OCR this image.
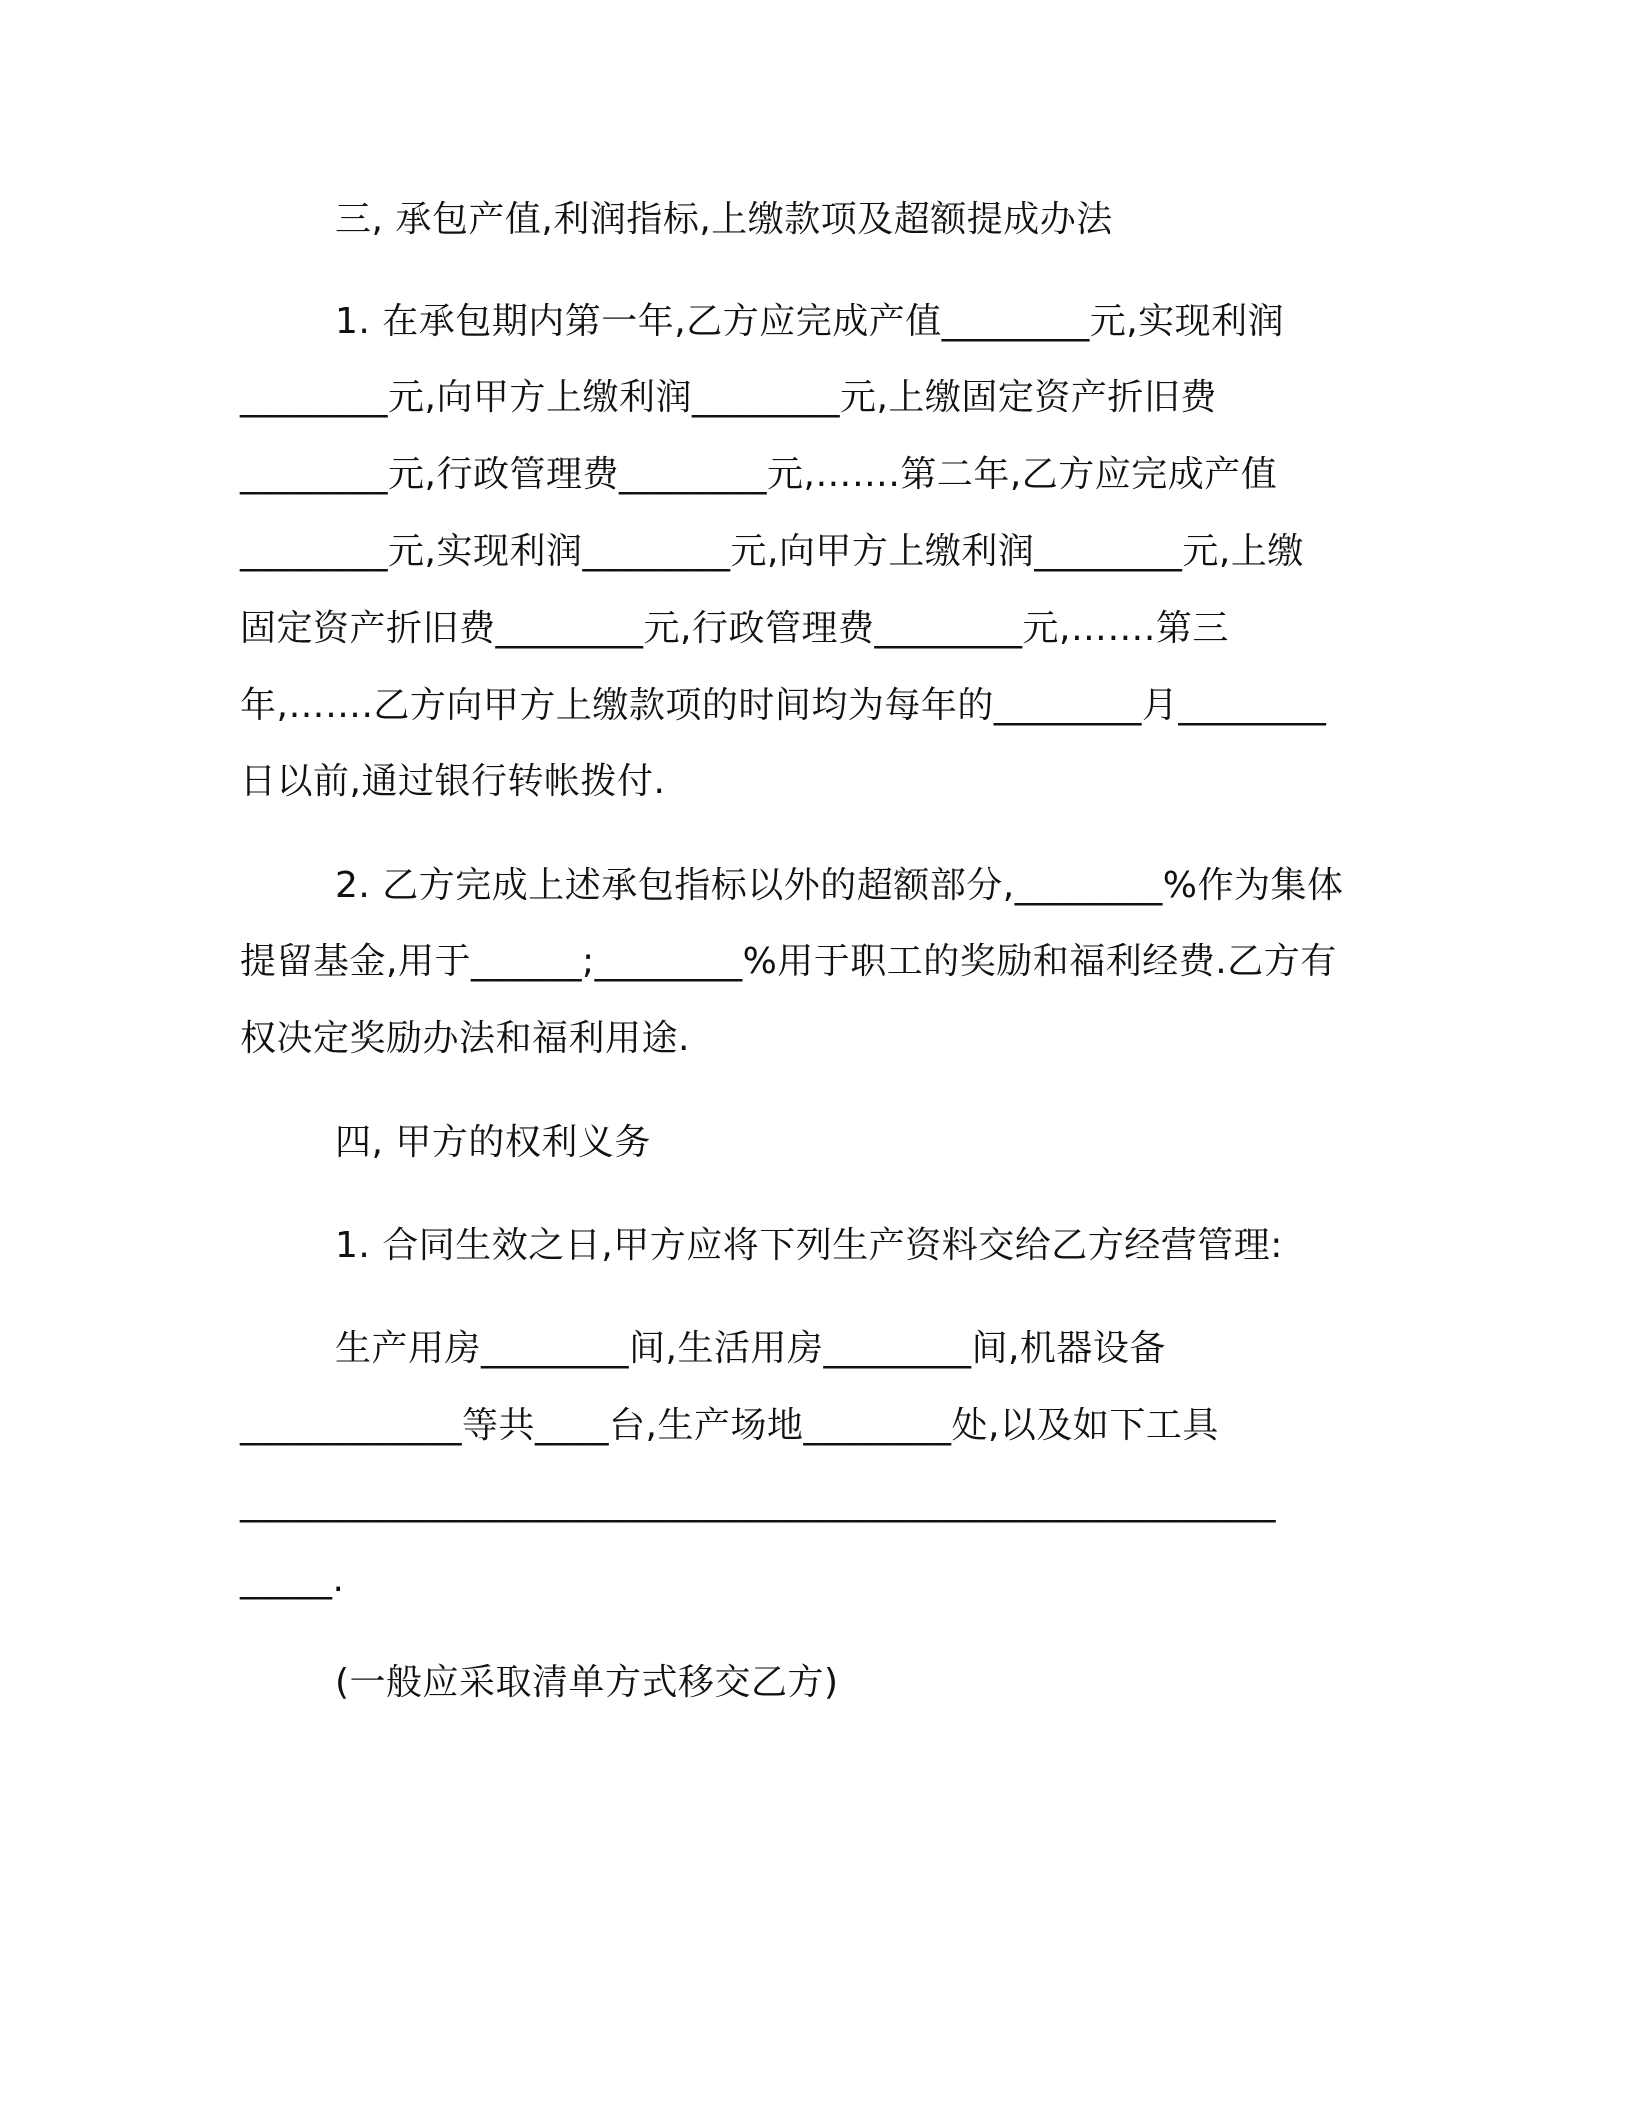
三, 承包产值,利润指标,上缴款项及超额提成办法
1. 在承包期内第一年,乙方应完成产值________元,实现利润
________元,向甲方上缴利润________元,上缴固定资产折旧费
________元,行政管理费________元,…….第二年,乙方应完成产值
________元,实现利润________元,向甲方上缴利润________元,上缴
固定资产折旧费________元,行政管理费________元,…….第三
年,…….乙方向甲方上缴款项的时间均为每年的________月________
日以前,通过银行转帐拨付.
2. 乙方完成上述承包指标以外的超额部分,________%作为集体
提留基金,用于______;________%用于职工的奖励和福利经费.乙方有
权决定奖励办法和福利用途.
四, 甲方的权利义务
1. 合同生效之日,甲方应将下列生产资料交给乙方经营管理:
生产用房________间,生活用房________间,机器设备
____________等共____台,生产场地________处,以及如下工具
________________________________________________________
_____.
(一般应采取清单方式移交乙方)
